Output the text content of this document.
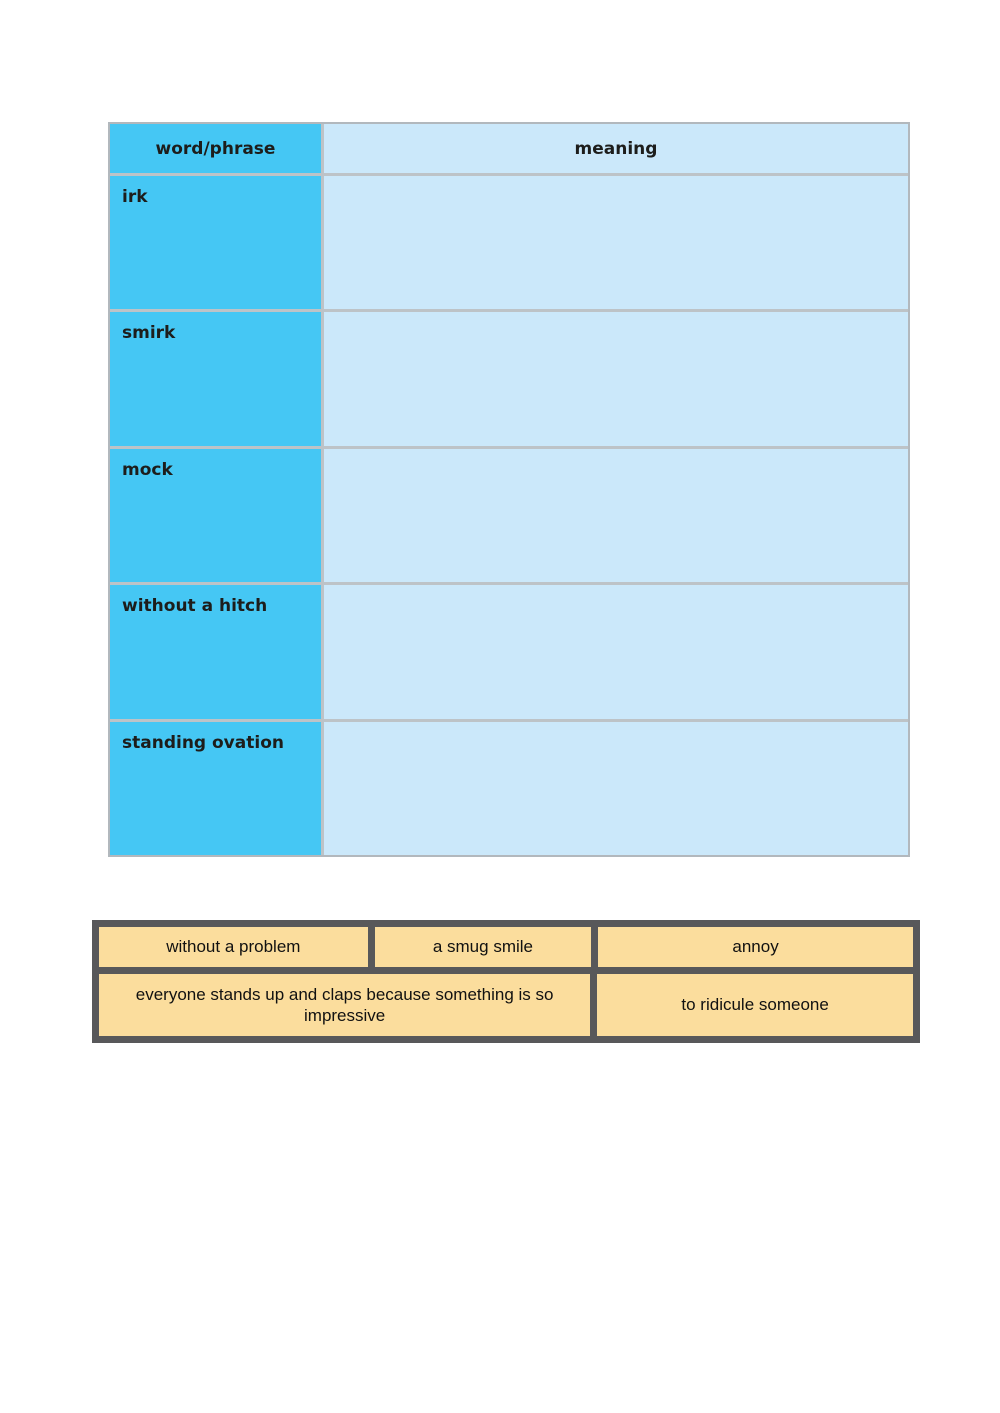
word/phrase	meaning
irk
smirk
mock
without a hitch
standing ovation
without a problem	a smug smile	annoy
everyone stands up and claps because something is so impressive
to ridicule someone
